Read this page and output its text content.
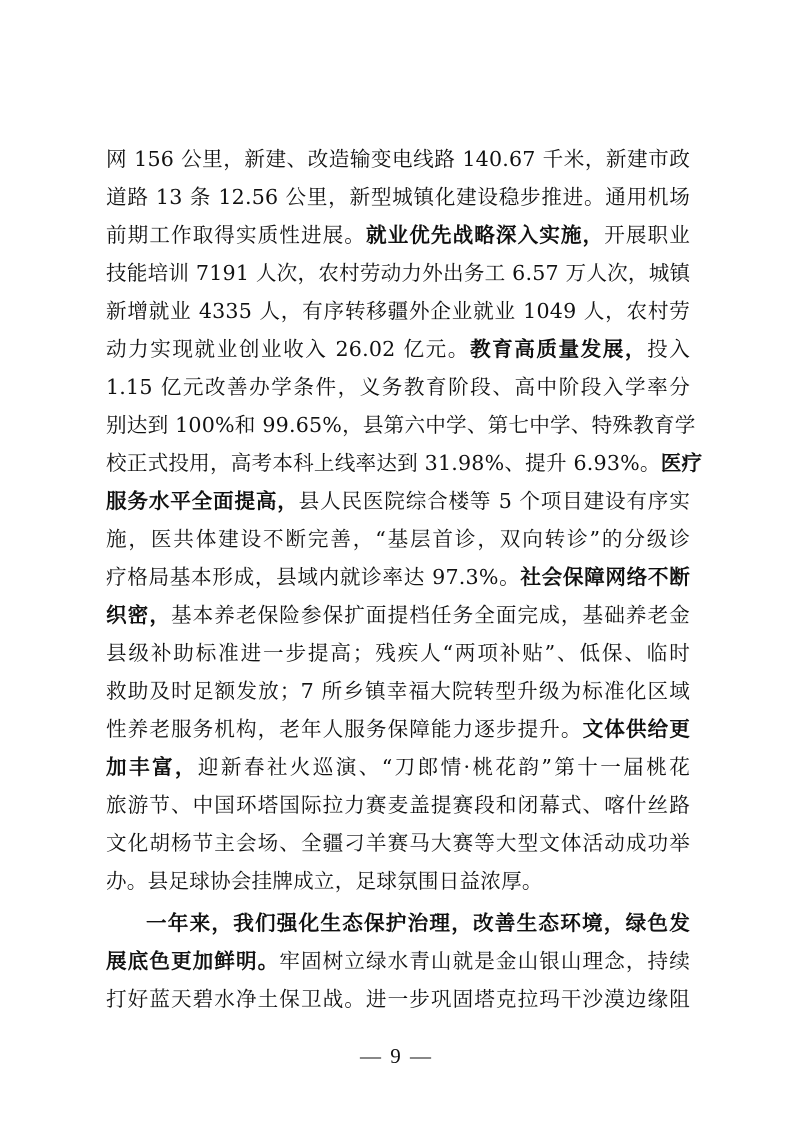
网 156 公里，新建、改造输变电线路 140.67 千米，新建市政
道路 13 条 12.56 公里，新型城镇化建设稳步推进。通用机场
前期工作取得实质性进展。就业优先战略深入实施，开展职业
技能培训 7191 人次，农村劳动力外出务工 6.57 万人次，城镇
新增就业 4335 人，有序转移疆外企业就业 1049 人，农村劳
动力实现就业创业收入 26.02 亿元。教育高质量发展，投入
1.15 亿元改善办学条件，义务教育阶段、高中阶段入学率分
别达到 100%和 99.65%，县第六中学、第七中学、特殊教育学
校正式投用，高考本科上线率达到 31.98%、提升 6.93%。医疗
服务水平全面提高，县人民医院综合楼等 5 个项目建设有序实
施，医共体建设不断完善，“基层首诊，双向转诊”的分级诊
疗格局基本形成，县域内就诊率达 97.3%。社会保障网络不断
织密，基本养老保险参保扩面提档任务全面完成，基础养老金
县级补助标准进一步提高；残疾人“两项补贴”、低保、临时
救助及时足额发放；7 所乡镇幸福大院转型升级为标准化区域
性养老服务机构，老年人服务保障能力逐步提升。文体供给更
加丰富，迎新春社火巡演、“刀郎情·桃花韵”第十一届桃花
旅游节、中国环塔国际拉力赛麦盖提赛段和闭幕式、喀什丝路
文化胡杨节主会场、全疆刁羊赛马大赛等大型文体活动成功举
办。县足球协会挂牌成立，足球氛围日益浓厚。
一年来，我们强化生态保护治理，改善生态环境，绿色发
展底色更加鲜明。牢固树立绿水青山就是金山银山理念，持续
打好蓝天碧水净土保卫战。进一步巩固塔克拉玛干沙漠边缘阻
— 9 —
